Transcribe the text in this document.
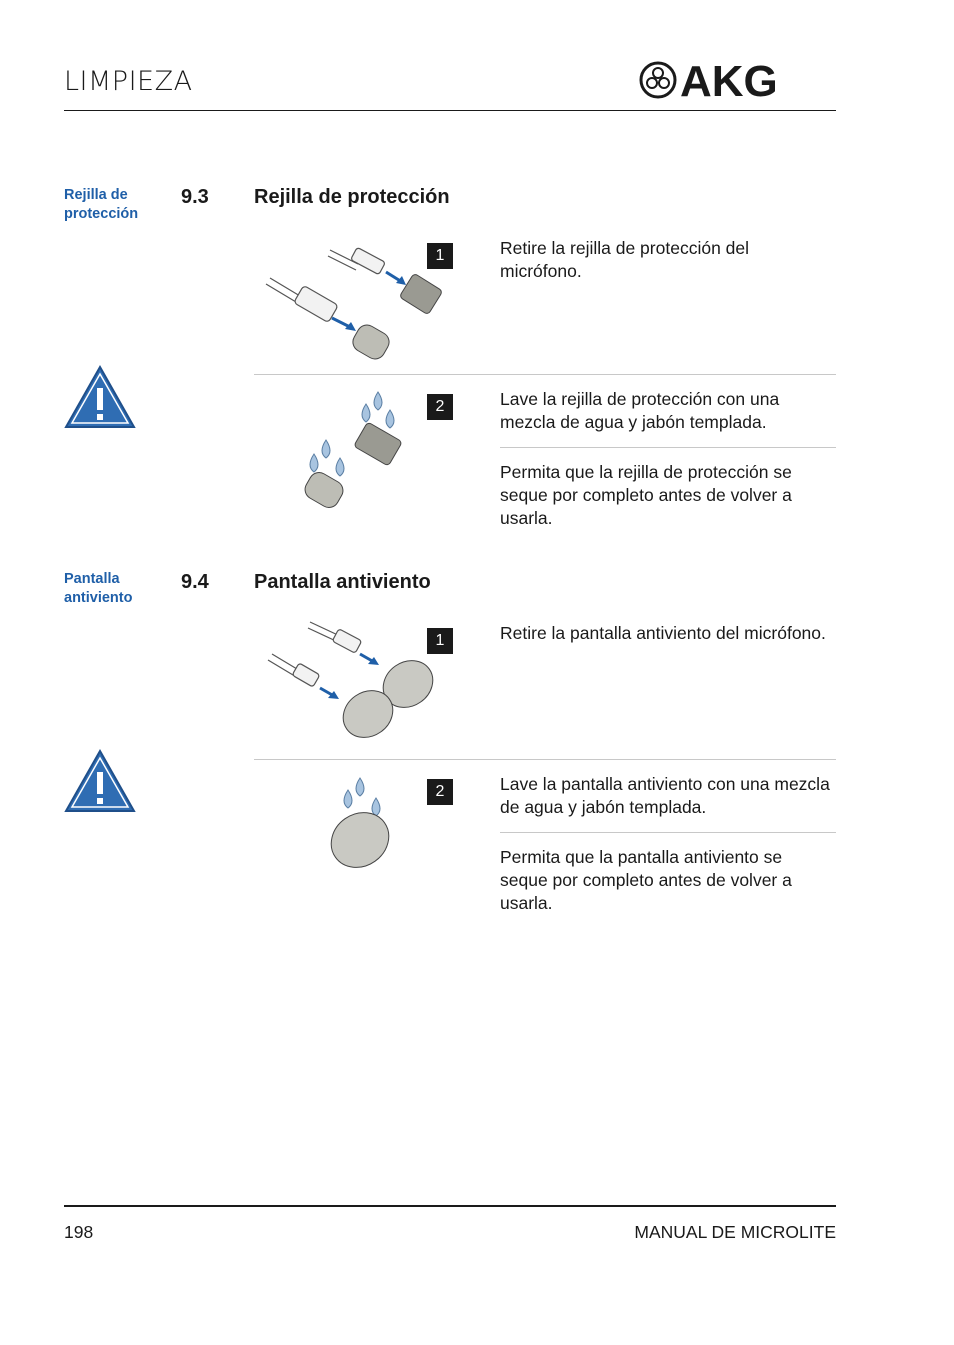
LIMPIEZA	AKG
Rejilla de protección
9.3 Rejilla de protección
1	Retire la rejilla de protección del micrófono.
2	Lave la rejilla de protección con una mezcla de agua y jabón templada.
Permita que la rejilla de protección se seque por completo antes de volver a usarla.
Pantalla antiviento
9.4 Pantalla antiviento
1	Retire la pantalla antiviento del micrófono.
2	Lave la pantalla antiviento con una mezcla de agua y jabón templada.
Permita que la pantalla antiviento se seque por completo antes de volver a usarla.
198	MANUAL DE MICROLITE
